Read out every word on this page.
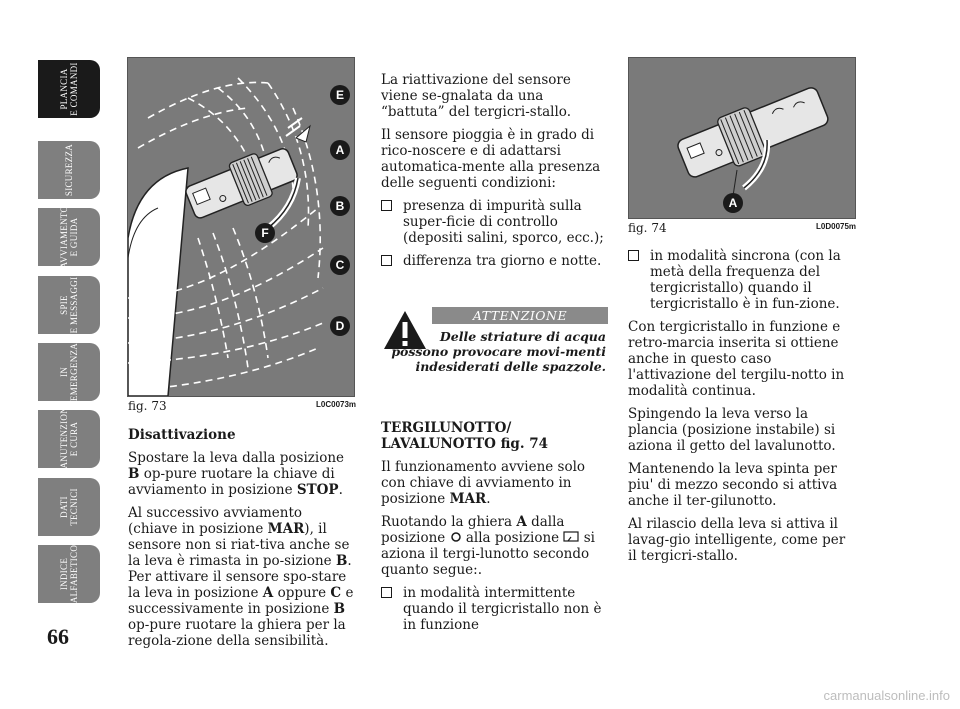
PLANCIA E COMANDI
SICUREZZA
AVVIAMENTO E GUIDA
SPIE E MESSAGGI
IN EMERGENZA
MANUTENZIONE E CURA
DATI TECNICI
INDICE ALFABETICO
66
E
A
B
C
D
F
fig. 73	L0C0073m

Disattivazione

Spostare la leva dalla posizione B op-pure ruotare la chiave di avviamento in posizione STOP.

Al successivo avviamento (chiave in posizione MAR), il sensore non si riat-tiva anche se la leva è rimasta in po-sizione B. Per attivare il sensore spo-stare la leva in posizione A oppure C e successivamente in posizione B op-pure ruotare la ghiera per la regola-zione della sensibilità.

La riattivazione del sensore viene se-gnalata da una “battuta” del tergicri-stallo.

Il sensore pioggia è in grado di rico-noscere e di adattarsi automatica-mente alla presenza delle seguenti condizioni:

presenza di impurità sulla super-ficie di controllo (depositi salini, sporco, ecc.);
differenza tra giorno e notte.
ATTENZIONE
Delle striature di acqua possono provocare movi-menti indesiderati delle spazzole.

TERGILUNOTTO/

LAVALUNOTTO fig. 74

Il funzionamento avviene solo con chiave di avviamento in posizione MAR.

Ruotando la ghiera A dalla posizione  alla posizione  si aziona il tergi-lunotto secondo quanto segue:.

in modalità intermittente quando il tergicristallo non è in funzione
A
fig. 74	L0D0075m
in modalità sincrona (con la metà della frequenza del tergicristallo) quando il tergicristallo è in fun-zione.

Con tergicristallo in funzione e retro-marcia inserita si ottiene anche in questo caso l'attivazione del tergilu-notto in modalità continua.

Spingendo la leva verso la plancia (posizione instabile) si aziona il getto del lavalunotto.

Mantenendo la leva spinta per piu' di mezzo secondo si attiva anche il ter-gilunotto.

Al rilascio della leva si attiva il lavag-gio intelligente, come per il tergicri-stallo.

carmanualsonline.info
